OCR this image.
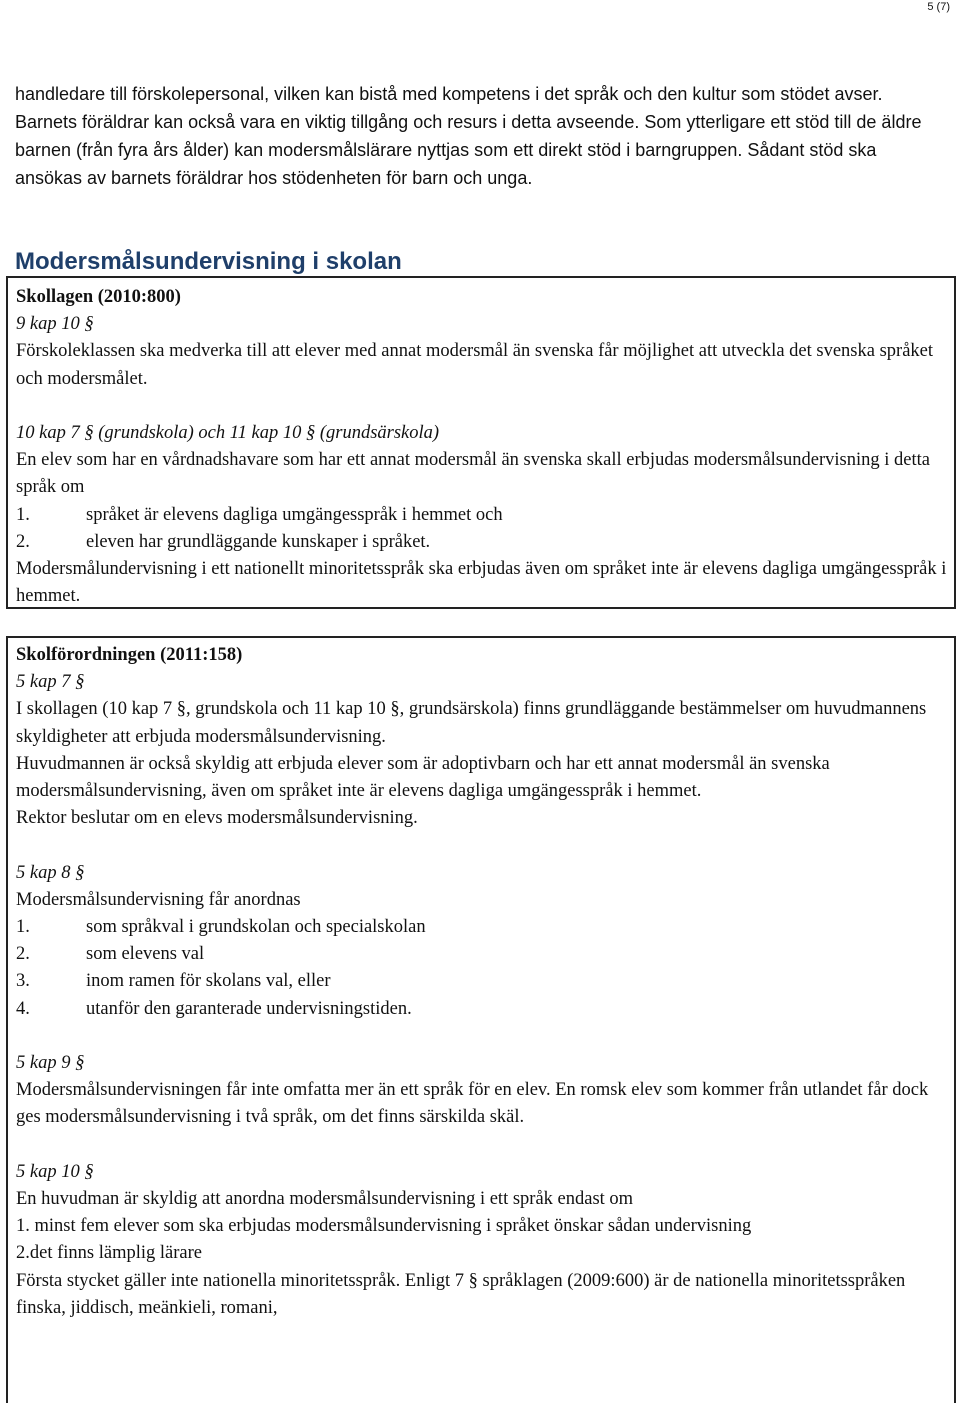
5 (7)

handledare till förskolepersonal, vilken kan bistå med kompetens i det språk och den kultur som stödet avser. Barnets föräldrar kan också vara en viktig tillgång och resurs i detta avseende. Som ytterligare ett stöd till de äldre barnen (från fyra års ålder) kan modersmålslärare nyttjas som ett direkt stöd i barngruppen. Sådant stöd ska ansökas av barnets föräldrar hos stödenheten för barn och unga.

Modersmålsundervisning i skolan
Skollagen (2010:800)
9 kap 10 §
Förskoleklassen ska medverka till att elever med annat modersmål än svenska får möjlighet att utveckla det svenska språket och modersmålet.
10 kap 7 § (grundskola) och 11 kap 10 § (grundsärskola)
En elev som har en vårdnadshavare som har ett annat modersmål än svenska skall erbjudas modersmålsundervisning i detta språk om
1.	språket är elevens dagliga umgängesspråk i hemmet och
2.	eleven har grundläggande kunskaper i språket.
Modersmålundervisning i ett nationellt minoritetsspråk ska erbjudas även om språket inte är elevens dagliga umgängesspråk i hemmet.
Skolförordningen (2011:158)
5 kap 7 §
I skollagen (10 kap 7 §, grundskola och 11 kap 10 §, grundsärskola) finns grundläggande bestämmelser om huvudmannens skyldigheter att erbjuda modersmålsundervisning.
Huvudmannen är också skyldig att erbjuda elever som är adoptivbarn och har ett annat modersmål än svenska modersmålsundervisning, även om språket inte är elevens dagliga umgängesspråk i hemmet.
Rektor beslutar om en elevs modersmålsundervisning.
5 kap 8 §
Modersmålsundervisning får anordnas
1.	som språkval i grundskolan och specialskolan
2.	som elevens val
3.	inom ramen för skolans val, eller
4.	utanför den garanterade undervisningstiden.
5 kap 9 §
Modersmålsundervisningen får inte omfatta mer än ett språk för en elev. En romsk elev som kommer från utlandet får dock ges modersmålsundervisning i två språk, om det finns särskilda skäl.
5 kap 10 §
En huvudman är skyldig att anordna modersmålsundervisning i ett språk endast om
1. minst fem elever som ska erbjudas modersmålsundervisning i språket önskar sådan undervisning
2.det finns lämplig lärare
Första stycket gäller inte nationella minoritetsspråk. Enligt 7 § språklagen (2009:600) är de nationella minoritetsspråken finska, jiddisch, meänkieli, romani,
